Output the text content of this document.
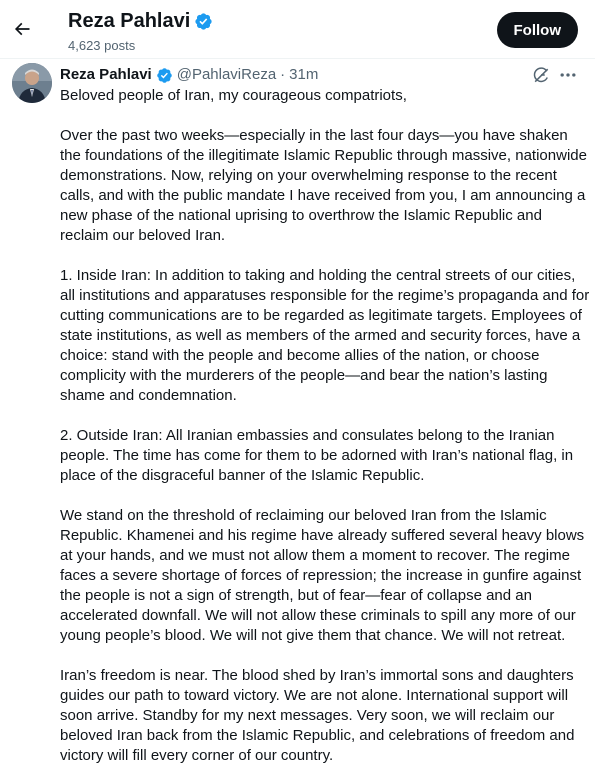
Reza Pahlavi
4,623 posts
Follow
Reza Pahlavi @PahlaviReza · 31m

Beloved people of Iran, my courageous compatriots,

Over the past two weeks—especially in the last four days—you have shaken the foundations of the illegitimate Islamic Republic through massive, nationwide demonstrations. Now, relying on your overwhelming response to the recent calls, and with the public mandate I have received from you, I am announcing a new phase of the national uprising to overthrow the Islamic Republic and reclaim our beloved Iran.

1. Inside Iran: In addition to taking and holding the central streets of our cities, all institutions and apparatuses responsible for the regime’s propaganda and for cutting communications are to be regarded as legitimate targets. Employees of state institutions, as well as members of the armed and security forces, have a choice: stand with the people and become allies of the nation, or choose complicity with the murderers of the people—and bear the nation’s lasting shame and condemnation.

2. Outside Iran: All Iranian embassies and consulates belong to the Iranian people. The time has come for them to be adorned with Iran’s national flag, in place of the disgraceful banner of the Islamic Republic.

We stand on the threshold of reclaiming our beloved Iran from the Islamic Republic. Khamenei and his regime have already suffered several heavy blows at your hands, and we must not allow them a moment to recover. The regime faces a severe shortage of forces of repression; the increase in gunfire against the people is not a sign of strength, but of fear—fear of collapse and an accelerated downfall. We will not allow these criminals to spill any more of our young people’s blood. We will not give them that chance. We will not retreat.

Iran’s freedom is near. The blood shed by Iran’s immortal sons and daughters guides our path to toward victory. We are not alone. International support will soon arrive. Standby for my next messages. Very soon, we will reclaim our beloved Iran back from the Islamic Republic, and celebrations of freedom and victory will fill every corner of our country.
